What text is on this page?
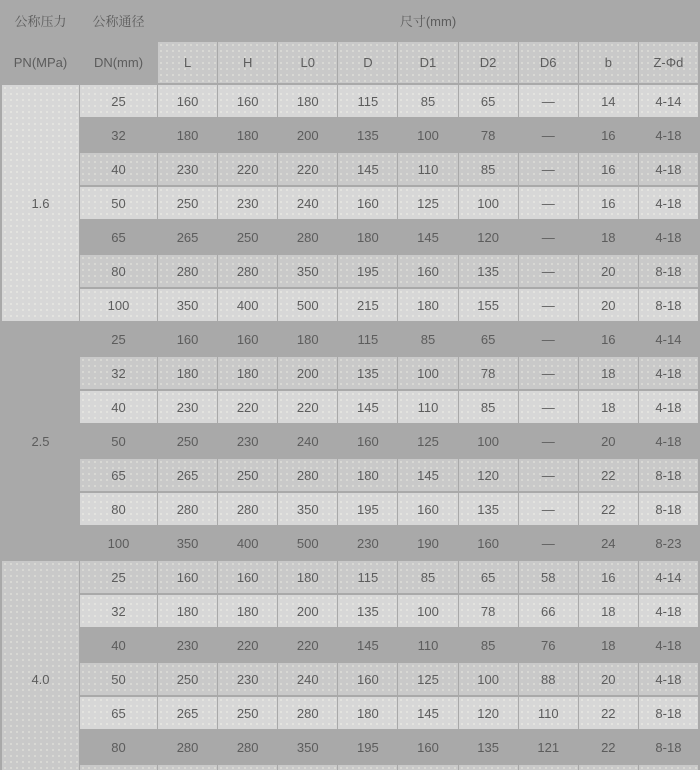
公称压力	公称通径	尺寸(mm)
PN(MPa)	DN(mm)	L	H	L0	D	D1	D2	D6	b	Z-Φd
1.6
25	160	160	180	115	85	65	—	14	4-14
32	180	180	200	135	100	78	—	16	4-18
40	230	220	220	145	110	85	—	16	4-18
50	250	230	240	160	125	100	—	16	4-18
65	265	250	280	180	145	120	—	18	4-18
80	280	280	350	195	160	135	—	20	8-18
100	350	400	500	215	180	155	—	20	8-18
2.5
25	160	160	180	115	85	65	—	16	4-14
32	180	180	200	135	100	78	—	18	4-18
40	230	220	220	145	110	85	—	18	4-18
50	250	230	240	160	125	100	—	20	4-18
65	265	250	280	180	145	120	—	22	8-18
80	280	280	350	195	160	135	—	22	8-18
100	350	400	500	230	190	160	—	24	8-23
4.0
25	160	160	180	115	85	65	58	16	4-14
32	180	180	200	135	100	78	66	18	4-18
40	230	220	220	145	110	85	76	18	4-18
50	250	230	240	160	125	100	88	20	4-18
65	265	250	280	180	145	120	110	22	8-18
80	280	280	350	195	160	135	121	22	8-18
